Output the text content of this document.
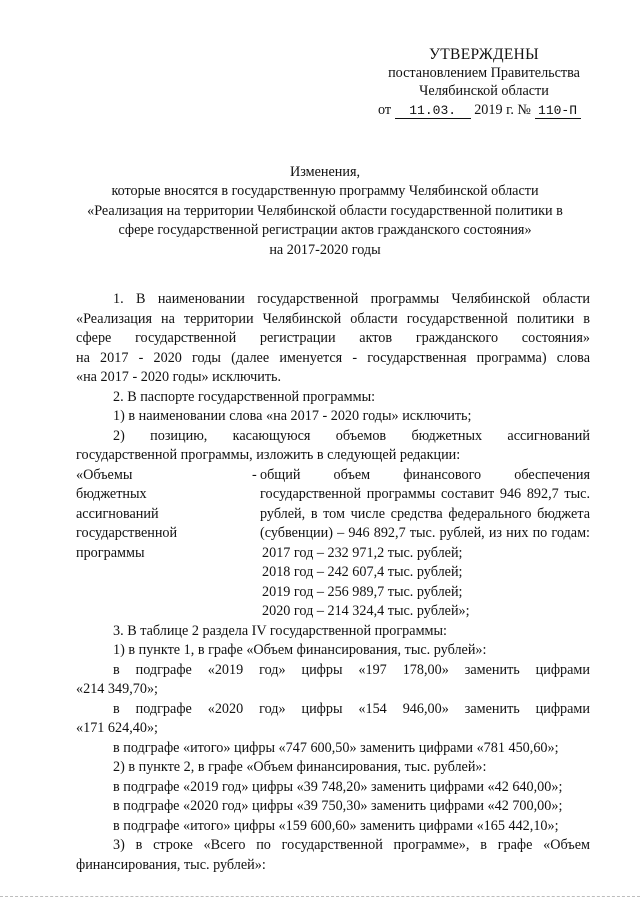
УТВЕРЖДЕНЫ
постановлением Правительства
Челябинской области
от 11.03. 2019 г. № 110-П
Изменения,
которые вносятся в государственную программу Челябинской области
«Реализация на территории Челябинской области государственной политики в
сфере государственной регистрации актов гражданского состояния»
на 2017-2020 годы

1. В наименовании государственной программы Челябинской области

«Реализация на территории Челябинской области государственной политики в

сфере государственной регистрации актов гражданского состояния»

на 2017 - 2020 годы (далее именуется - государственная программа) слова

«на 2017 - 2020 годы» исключить.

2. В паспорте государственной программы:

1) в наименовании слова «на 2017 - 2020 годы» исключить;

2) позицию, касающуюся объемов бюджетных ассигнований

государственной программы, изложить в следующей редакции:

«Объемы
бюджетных
ассигнований
государственной
программы
- общий объем финансового обеспечения
государственной программы составит 946 892,7 тыс.
рублей, в том числе средства федерального бюджета
(субвенции) – 946 892,7 тыс. рублей, из них по годам:
2017 год – 232 971,2 тыс. рублей;
2018 год – 242 607,4 тыс. рублей;
2019 год – 256 989,7 тыс. рублей;
2020 год – 214 324,4 тыс. рублей»;

3. В таблице 2 раздела IV государственной программы:

1) в пункте 1, в графе «Объем финансирования, тыс. рублей»:

в подграфе «2019 год» цифры «197 178,00» заменить цифрами

«214 349,70»;

в подграфе «2020 год» цифры «154 946,00» заменить цифрами

«171 624,40»;

в подграфе «итого» цифры «747 600,50» заменить цифрами «781 450,60»;

2) в пункте 2, в графе «Объем финансирования, тыс. рублей»:

в подграфе «2019 год» цифры «39 748,20» заменить цифрами «42 640,00»;

в подграфе «2020 год» цифры «39 750,30» заменить цифрами «42 700,00»;

в подграфе «итого» цифры «159 600,60» заменить цифрами «165 442,10»;

3) в строке «Всего по государственной программе», в графе «Объем

финансирования, тыс. рублей»:
